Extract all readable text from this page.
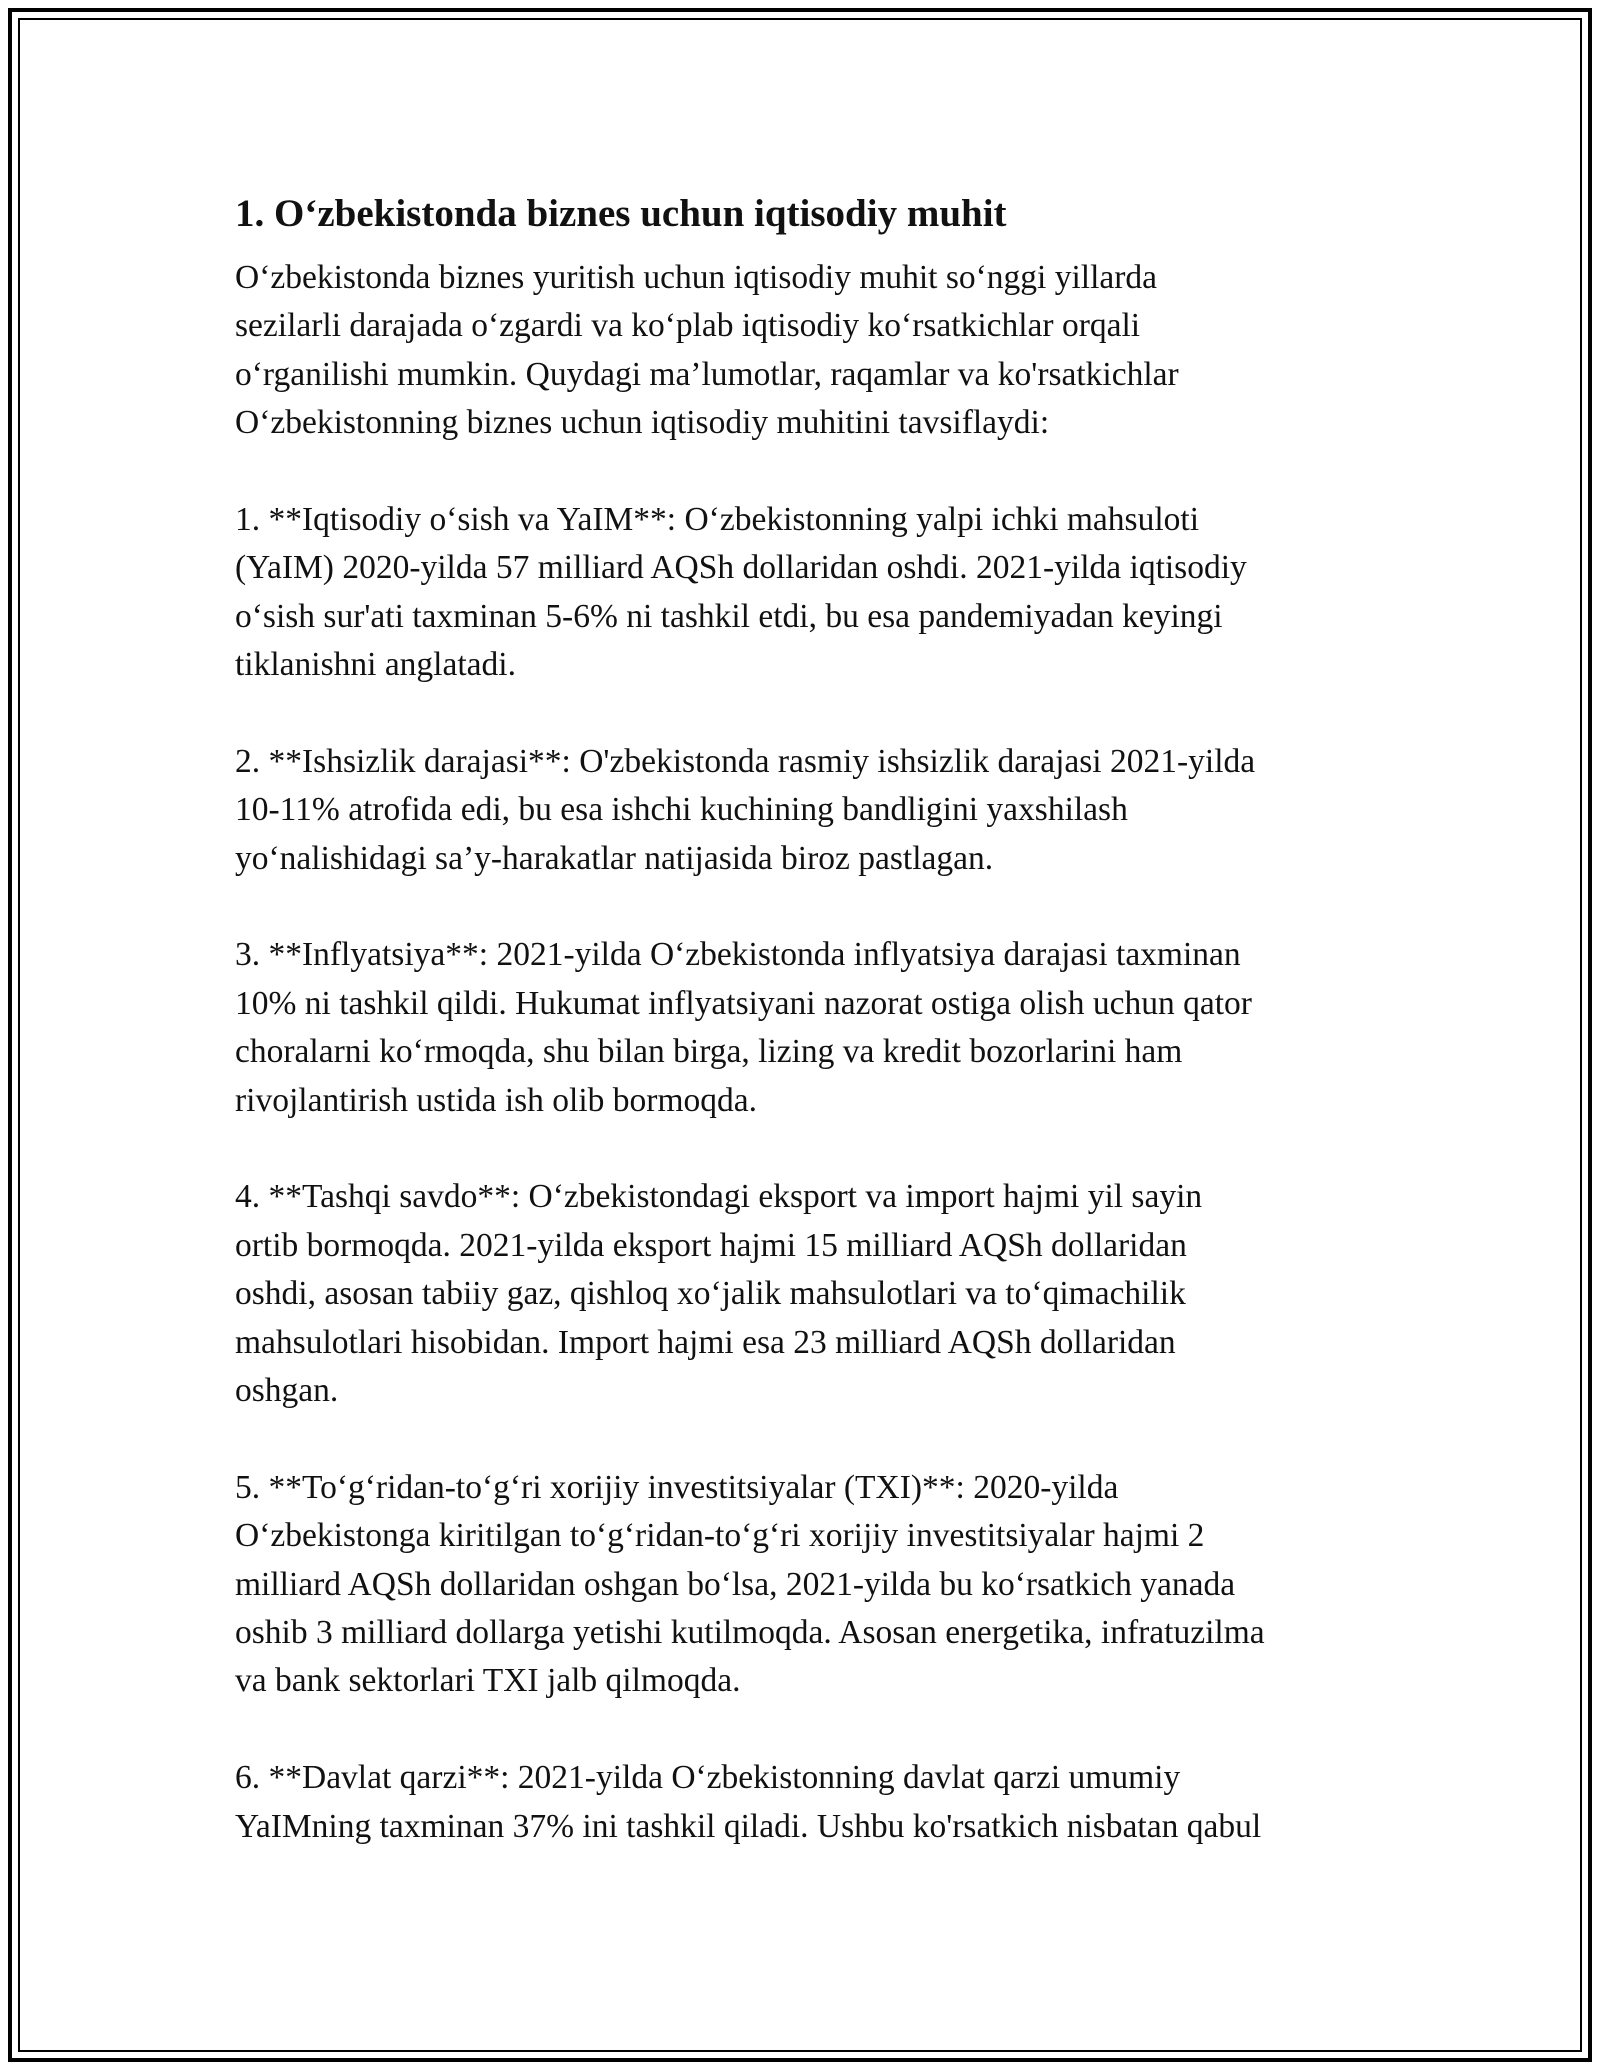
1. O‘zbekistonda biznes uchun iqtisodiy muhit
O‘zbekistonda biznes yuritish uchun iqtisodiy muhit so‘nggi yillarda
sezilarli darajada o‘zgardi va ko‘plab iqtisodiy ko‘rsatkichlar orqali
o‘rganilishi mumkin. Quydagi ma’lumotlar, raqamlar va ko'rsatkichlar
O‘zbekistonning biznes uchun iqtisodiy muhitini tavsiflaydi:
1. **Iqtisodiy o‘sish va YaIM**: O‘zbekistonning yalpi ichki mahsuloti
(YaIM) 2020-yilda 57 milliard AQSh dollaridan oshdi. 2021-yilda iqtisodiy
o‘sish sur'ati taxminan 5-6% ni tashkil etdi, bu esa pandemiyadan keyingi
tiklanishni anglatadi.
2. **Ishsizlik darajasi**: O'zbekistonda rasmiy ishsizlik darajasi 2021-yilda
10-11% atrofida edi, bu esa ishchi kuchining bandligini yaxshilash
yo‘nalishidagi sa’y-harakatlar natijasida biroz pastlagan.
3. **Inflyatsiya**: 2021-yilda O‘zbekistonda inflyatsiya darajasi taxminan
10% ni tashkil qildi. Hukumat inflyatsiyani nazorat ostiga olish uchun qator
choralarni ko‘rmoqda, shu bilan birga, lizing va kredit bozorlarini ham
rivojlantirish ustida ish olib bormoqda.
4. **Tashqi savdo**: O‘zbekistondagi eksport va import hajmi yil sayin
ortib bormoqda. 2021-yilda eksport hajmi 15 milliard AQSh dollaridan
oshdi, asosan tabiiy gaz, qishloq xo‘jalik mahsulotlari va to‘qimachilik
mahsulotlari hisobidan. Import hajmi esa 23 milliard AQSh dollaridan
oshgan.
5. **To‘g‘ridan-to‘g‘ri xorijiy investitsiyalar (TXI)**: 2020-yilda
O‘zbekistonga kiritilgan to‘g‘ridan-to‘g‘ri xorijiy investitsiyalar hajmi 2
milliard AQSh dollaridan oshgan bo‘lsa, 2021-yilda bu ko‘rsatkich yanada
oshib 3 milliard dollarga yetishi kutilmoqda. Asosan energetika, infratuzilma
va bank sektorlari TXI jalb qilmoqda.
6. **Davlat qarzi**: 2021-yilda O‘zbekistonning davlat qarzi umumiy
YaIMning taxminan 37% ini tashkil qiladi. Ushbu ko'rsatkich nisbatan qabul
